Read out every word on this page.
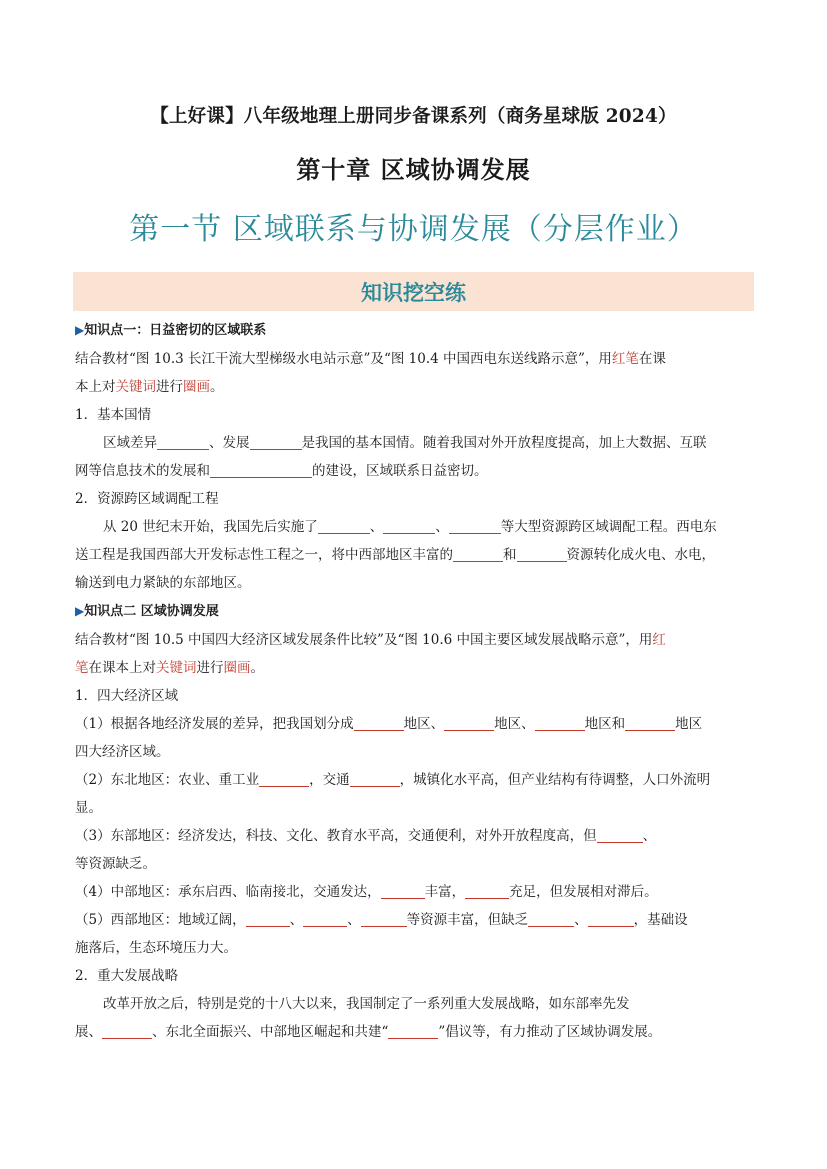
【上好课】八年级地理上册同步备课系列（商务星球版 2024）
第十章 区域协调发展
第一节 区域联系与协调发展（分层作业）
知识挖空练
▶知识点一：日益密切的区域联系
结合教材“图 10.3 长江干流大型梯级水电站示意”及“图 10.4 中国西电东送线路示意”，用红笔在课
本上对关键词进行圈画。
1．基本国情
区域差异	、发展	是我国的基本国情。随着我国对外开放程度提高，加上大数据、互联
网等信息技术的发展和	的建设，区域联系日益密切。
2．资源跨区域调配工程
从 20 世纪末开始，我国先后实施了	、	、	等大型资源跨区域调配工程。西电东
送工程是我国西部大开发标志性工程之一，将中西部地区丰富的	和	资源转化成火电、水电，
输送到电力紧缺的东部地区。
▶知识点二 区域协调发展
结合教材“图 10.5 中国四大经济区域发展条件比较”及“图 10.6 中国主要区域发展战略示意”，用红
笔在课本上对关键词进行圈画。
1．四大经济区域
（1）根据各地经济发展的差异，把我国划分成	地区、	地区、	地区和	地区
四大经济区域。
（2）东北地区：农业、重工业	，交通	，城镇化水平高，但产业结构有待调整，人口外流明
显。
（3）东部地区：经济发达，科技、文化、教育水平高，交通便利，对外开放程度高，但	、
等资源缺乏。
（4）中部地区：承东启西、临南接北，交通发达，	丰富，	充足，但发展相对滞后。
（5）西部地区：地域辽阔，	、	、	等资源丰富，但缺乏	、	，基础设
施落后，生态环境压力大。
2．重大发展战略
改革开放之后，特别是党的十八大以来，我国制定了一系列重大发展战略，如东部率先发
展、	、东北全面振兴、中部地区崛起和共建“	”倡议等，有力推动了区域协调发展。
